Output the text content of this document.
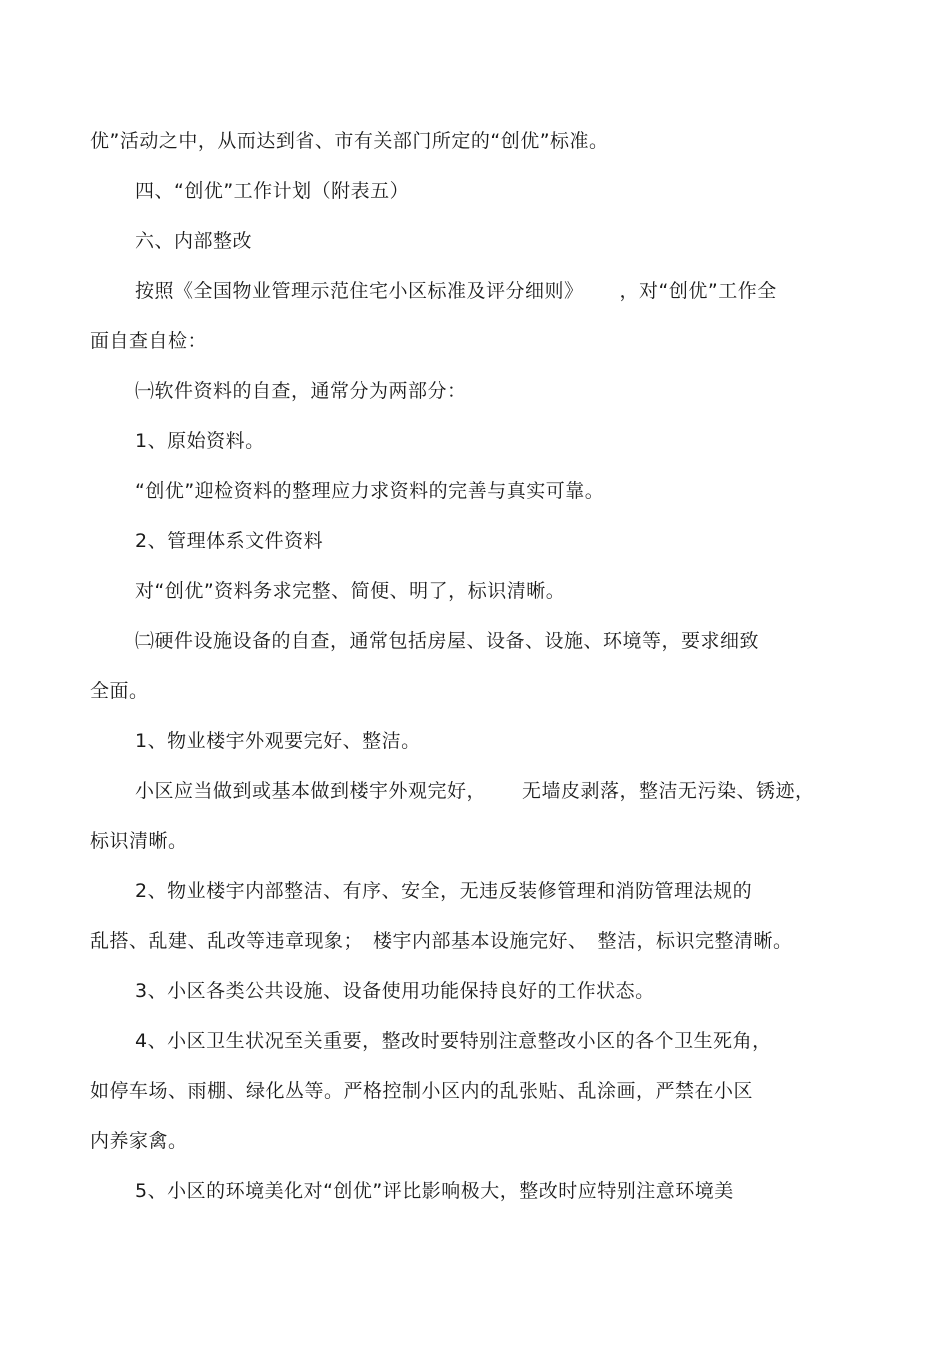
优”活动之中，从而达到省、市有关部门所定的“创优”标准。
四、“创优”工作计划（附表五）
六、内部整改
按照《全国物业管理示范住宅小区标准及评分细则》 ，对“创优”工作全
面自查自检：
㈠软件资料的自查，通常分为两部分：
1、原始资料。
“创优”迎检资料的整理应力求资料的完善与真实可靠。
2、管理体系文件资料
对“创优”资料务求完整、简便、明了，标识清晰。
㈡硬件设施设备的自查，通常包括房屋、设备、设施、环境等，要求细致
全面。
1、物业楼宇外观要完好、整洁。
小区应当做到或基本做到楼宇外观完好， 无墙皮剥落，整洁无污染、锈迹，
标识清晰。
2、物业楼宇内部整洁、有序、安全，无违反装修管理和消防管理法规的
乱搭、乱建、乱改等违章现象； 楼宇内部基本设施完好、 整洁，标识完整清晰。
3、小区各类公共设施、设备使用功能保持良好的工作状态。
4、小区卫生状况至关重要，整改时要特别注意整改小区的各个卫生死角，
如停车场、雨棚、绿化丛等。严格控制小区内的乱张贴、乱涂画，严禁在小区
内养家禽。
5、小区的环境美化对“创优”评比影响极大，整改时应特别注意环境美
